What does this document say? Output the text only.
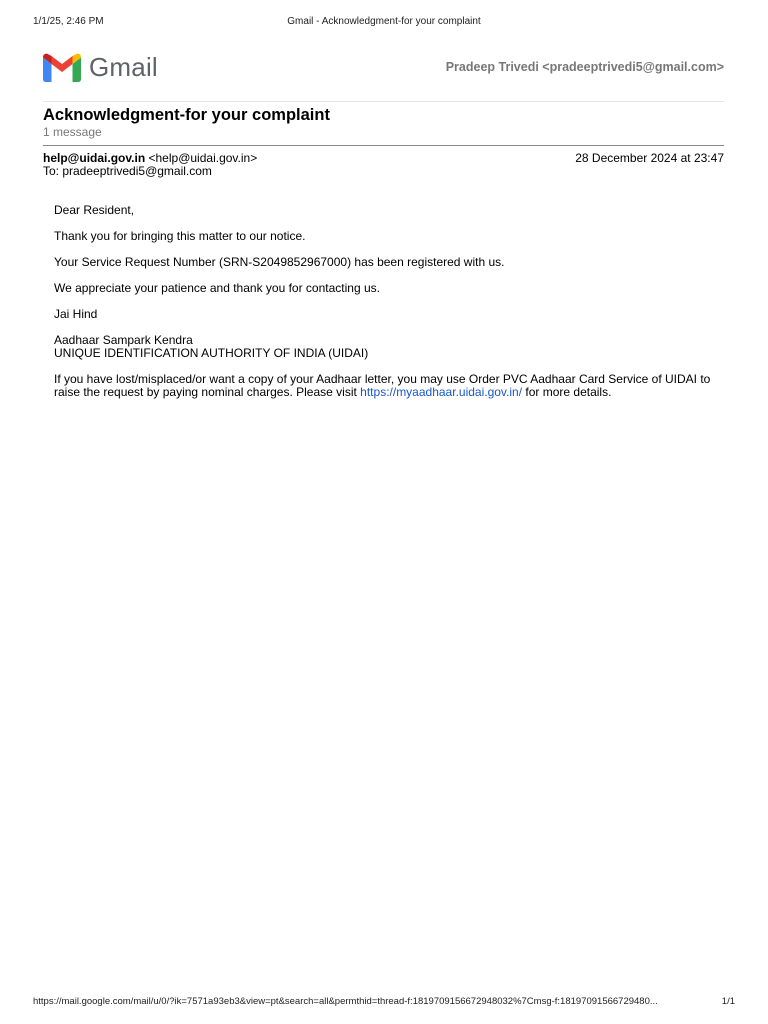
1/1/25, 2:46 PM	Gmail - Acknowledgment-for your complaint
Gmail	Pradeep Trivedi <pradeeptrivedi5@gmail.com>
Acknowledgment-for your complaint
1 message
help@uidai.gov.in <help@uidai.gov.in>	28 December 2024 at 23:47
To: pradeeptrivedi5@gmail.com

Dear Resident,

Thank you for bringing this matter to our notice.

Your Service Request Number (SRN-S2049852967000) has been registered with us.

We appreciate your patience and thank you for contacting us.

Jai Hind

Aadhaar Sampark Kendra
UNIQUE IDENTIFICATION AUTHORITY OF INDIA (UIDAI)

If you have lost/misplaced/or want a copy of your Aadhaar letter, you may use Order PVC Aadhaar Card Service of UIDAI to raise the request by paying nominal charges. Please visit https://myaadhaar.uidai.gov.in/ for more details.

https://mail.google.com/mail/u/0/?ik=7571a93eb3&view=pt&search=all&permthid=thread-f:1819709156672948032%7Cmsg-f:18197091566729480...	1/1
